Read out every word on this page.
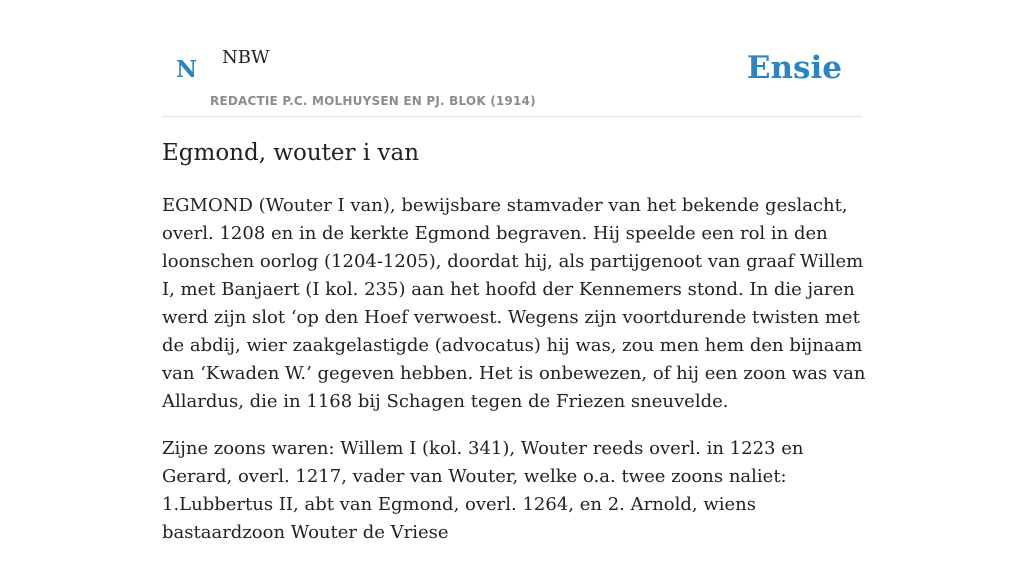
N NBW
REDACTIE P.C. MOLHUYSEN EN PJ. BLOK (1914)
Ensie
Egmond, wouter i van

EGMOND (Wouter I van), bewijsbare stamvader van het bekende geslacht, overl. 1208 en in de kerkte Egmond begraven. Hij speelde een rol in den loonschen oorlog (1204-1205), doordat hij, als partijgenoot van graaf Willem I, met Banjaert (I kol. 235) aan het hoofd der Kennemers stond. In die jaren werd zijn slot ‘op den Hoef verwoest. Wegens zijn voortdurende twisten met de abdij, wier zaakgelastigde (advocatus) hij was, zou men hem den bijnaam van ‘Kwaden W.’ gegeven hebben. Het is onbewezen, of hij een zoon was van Allardus, die in 1168 bij Schagen tegen de Friezen sneuvelde.

Zijne zoons waren: Willem I (kol. 341), Wouter reeds overl. in 1223 en Gerard, overl. 1217, vader van Wouter, welke o.a. twee zoons naliet: 1.Lubbertus II, abt van Egmond, overl. 1264, en 2. Arnold, wiens bastaardzoon Wouter de Vriese
